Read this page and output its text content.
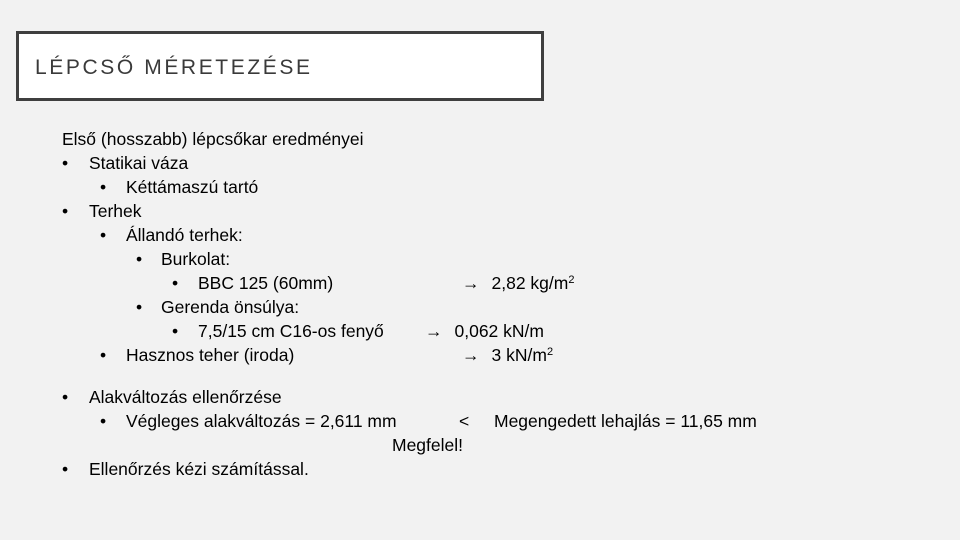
LÉPCSŐ MÉRETEZÉSE
Első (hosszabb) lépcsőkar eredményei
• Statikai váza
• Kéttámaszú tartó
• Terhek
• Állandó terhek:
• Burkolat:
• BBC 125 (60mm)	→ 2,82 $kg/m^2$
• Gerenda önsúlya:
• 7,5/15 cm C16-os fenyő → 0,062 kN/m
• Hasznos teher (iroda)	→ 3 $kN/m^2$
• Alakváltozás ellenőrzése
• Végleges alakváltozás = 2,611 mm	< Megengedett lehajlás = 11,65 mm
Megfelel!
• Ellenőrzés kézi számítással.
